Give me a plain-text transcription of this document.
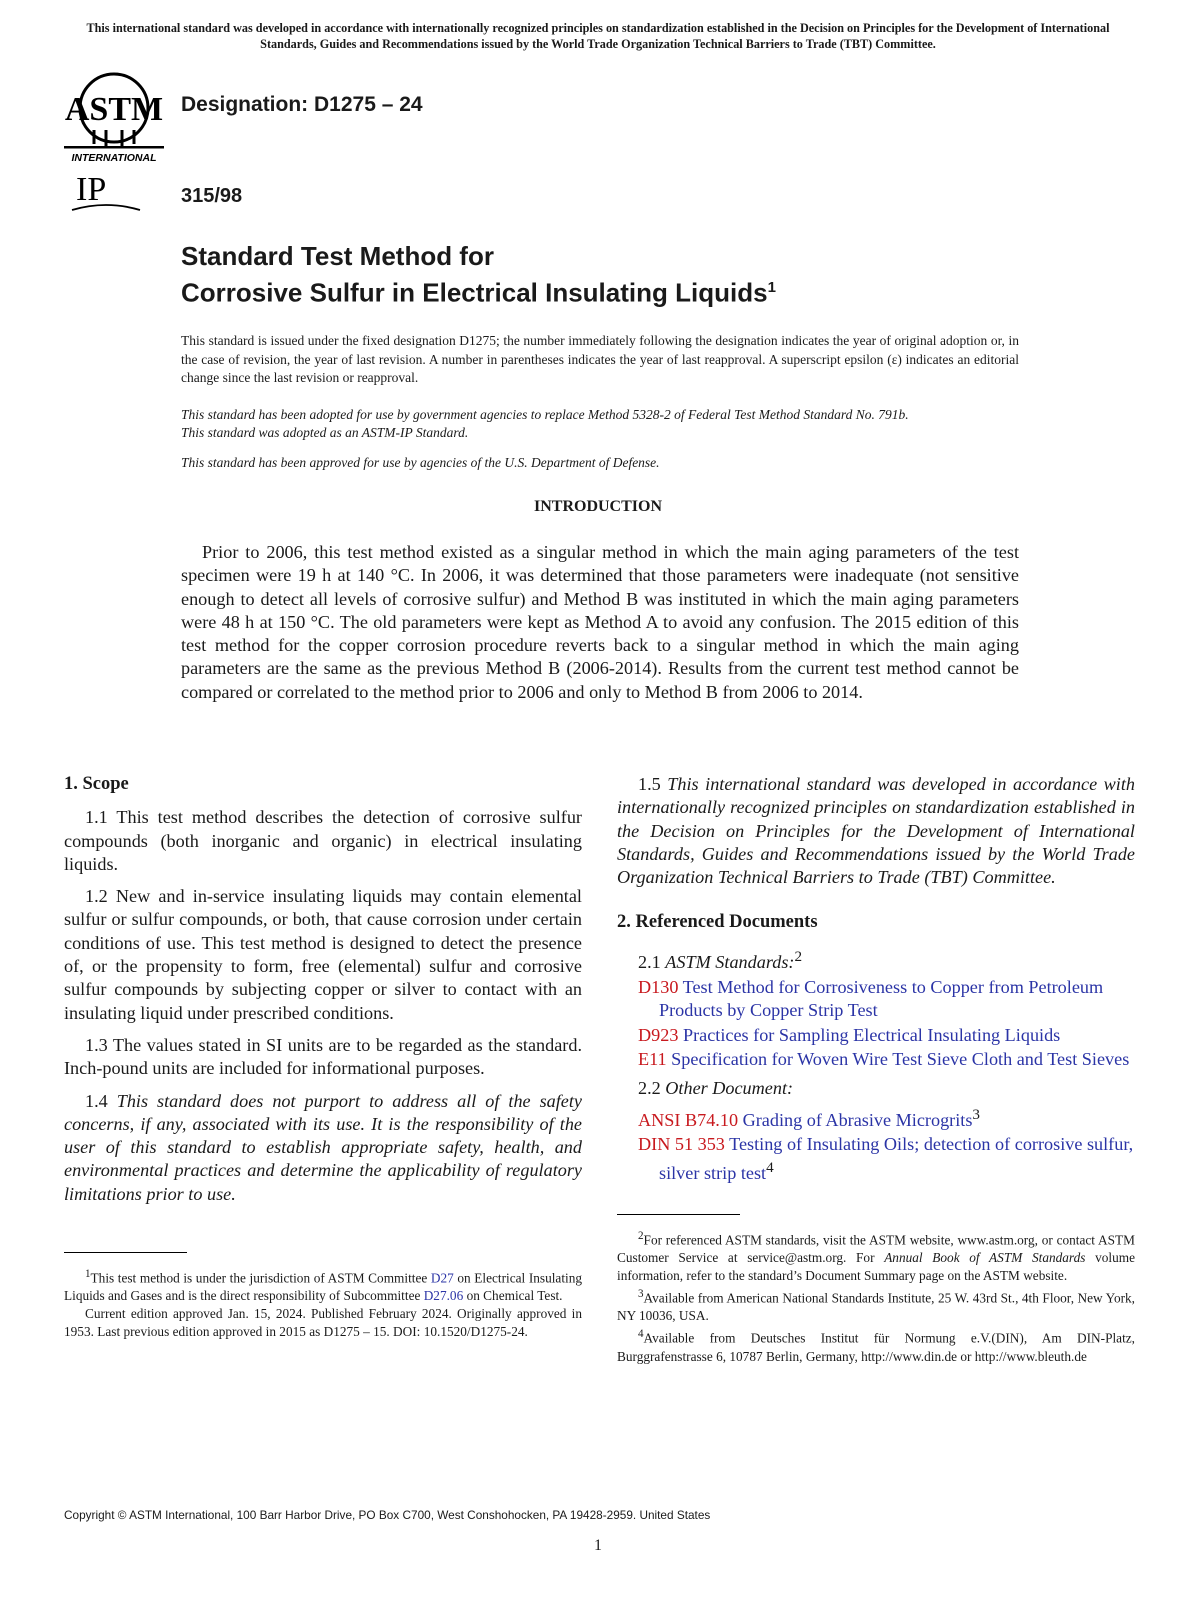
This international standard was developed in accordance with internationally recognized principles on standardization established in the Decision on Principles for the Development of International Standards, Guides and Recommendations issued by the World Trade Organization Technical Barriers to Trade (TBT) Committee.
ASTM
INTERNATIONAL
IP
Designation: D1275 – 24
315/98
Standard Test Method for
Corrosive Sulfur in Electrical Insulating Liquids$^1$
This standard is issued under the fixed designation D1275; the number immediately following the designation indicates the year of original adoption or, in the case of revision, the year of last revision. A number in parentheses indicates the year of last reapproval. A superscript epsilon (ε) indicates an editorial change since the last revision or reapproval.
This standard has been adopted for use by government agencies to replace Method 5328-2 of Federal Test Method Standard No. 791b.
This standard was adopted as an ASTM-IP Standard.
This standard has been approved for use by agencies of the U.S. Department of Defense.
INTRODUCTION

Prior to 2006, this test method existed as a singular method in which the main aging parameters of the test specimen were 19 h at 140 °C. In 2006, it was determined that those parameters were inadequate (not sensitive enough to detect all levels of corrosive sulfur) and Method B was instituted in which the main aging parameters were 48 h at 150 °C. The old parameters were kept as Method A to avoid any confusion. The 2015 edition of this test method for the copper corrosion procedure reverts back to a singular method in which the main aging parameters are the same as the previous Method B (2006-2014). Results from the current test method cannot be compared or correlated to the method prior to 2006 and only to Method B from 2006 to 2014.

1. Scope

1.1 This test method describes the detection of corrosive sulfur compounds (both inorganic and organic) in electrical insulating liquids.

1.2 New and in-service insulating liquids may contain elemental sulfur or sulfur compounds, or both, that cause corrosion under certain conditions of use. This test method is designed to detect the presence of, or the propensity to form, free (elemental) sulfur and corrosive sulfur compounds by subjecting copper or silver to contact with an insulating liquid under prescribed conditions.

1.3 The values stated in SI units are to be regarded as the standard. Inch-pound units are included for informational purposes.

1.4 This standard does not purport to address all of the safety concerns, if any, associated with its use. It is the responsibility of the user of this standard to establish appropriate safety, health, and environmental practices and determine the applicability of regulatory limitations prior to use.

$^1$This test method is under the jurisdiction of ASTM Committee D27 on Electrical Insulating Liquids and Gases and is the direct responsibility of Subcommittee D27.06 on Chemical Test.

Current edition approved Jan. 15, 2024. Published February 2024. Originally approved in 1953. Last previous edition approved in 2015 as D1275 – 15. DOI: 10.1520/D1275-24.

1.5 This international standard was developed in accordance with internationally recognized principles on standardization established in the Decision on Principles for the Development of International Standards, Guides and Recommendations issued by the World Trade Organization Technical Barriers to Trade (TBT) Committee.

2. Referenced Documents
2.1 ASTM Standards:$^2$
D130 Test Method for Corrosiveness to Copper from Petroleum Products by Copper Strip Test
D923 Practices for Sampling Electrical Insulating Liquids
E11 Specification for Woven Wire Test Sieve Cloth and Test Sieves
2.2 Other Document:
ANSI B74.10 Grading of Abrasive Microgrits$^3$
DIN 51 353 Testing of Insulating Oils; detection of corrosive sulfur, silver strip test$^4$

$^2$For referenced ASTM standards, visit the ASTM website, www.astm.org, or contact ASTM Customer Service at service@astm.org. For Annual Book of ASTM Standards volume information, refer to the standard’s Document Summary page on the ASTM website.

$^3$Available from American National Standards Institute, 25 W. 43rd St., 4th Floor, New York, NY 10036, USA.

$^4$Available from Deutsches Institut für Normung e.V.(DIN), Am DIN-Platz, Burggrafenstrasse 6, 10787 Berlin, Germany, http://www.din.de or http://www.bleuth.de

Copyright © ASTM International, 100 Barr Harbor Drive, PO Box C700, West Conshohocken, PA 19428-2959. United States
1
